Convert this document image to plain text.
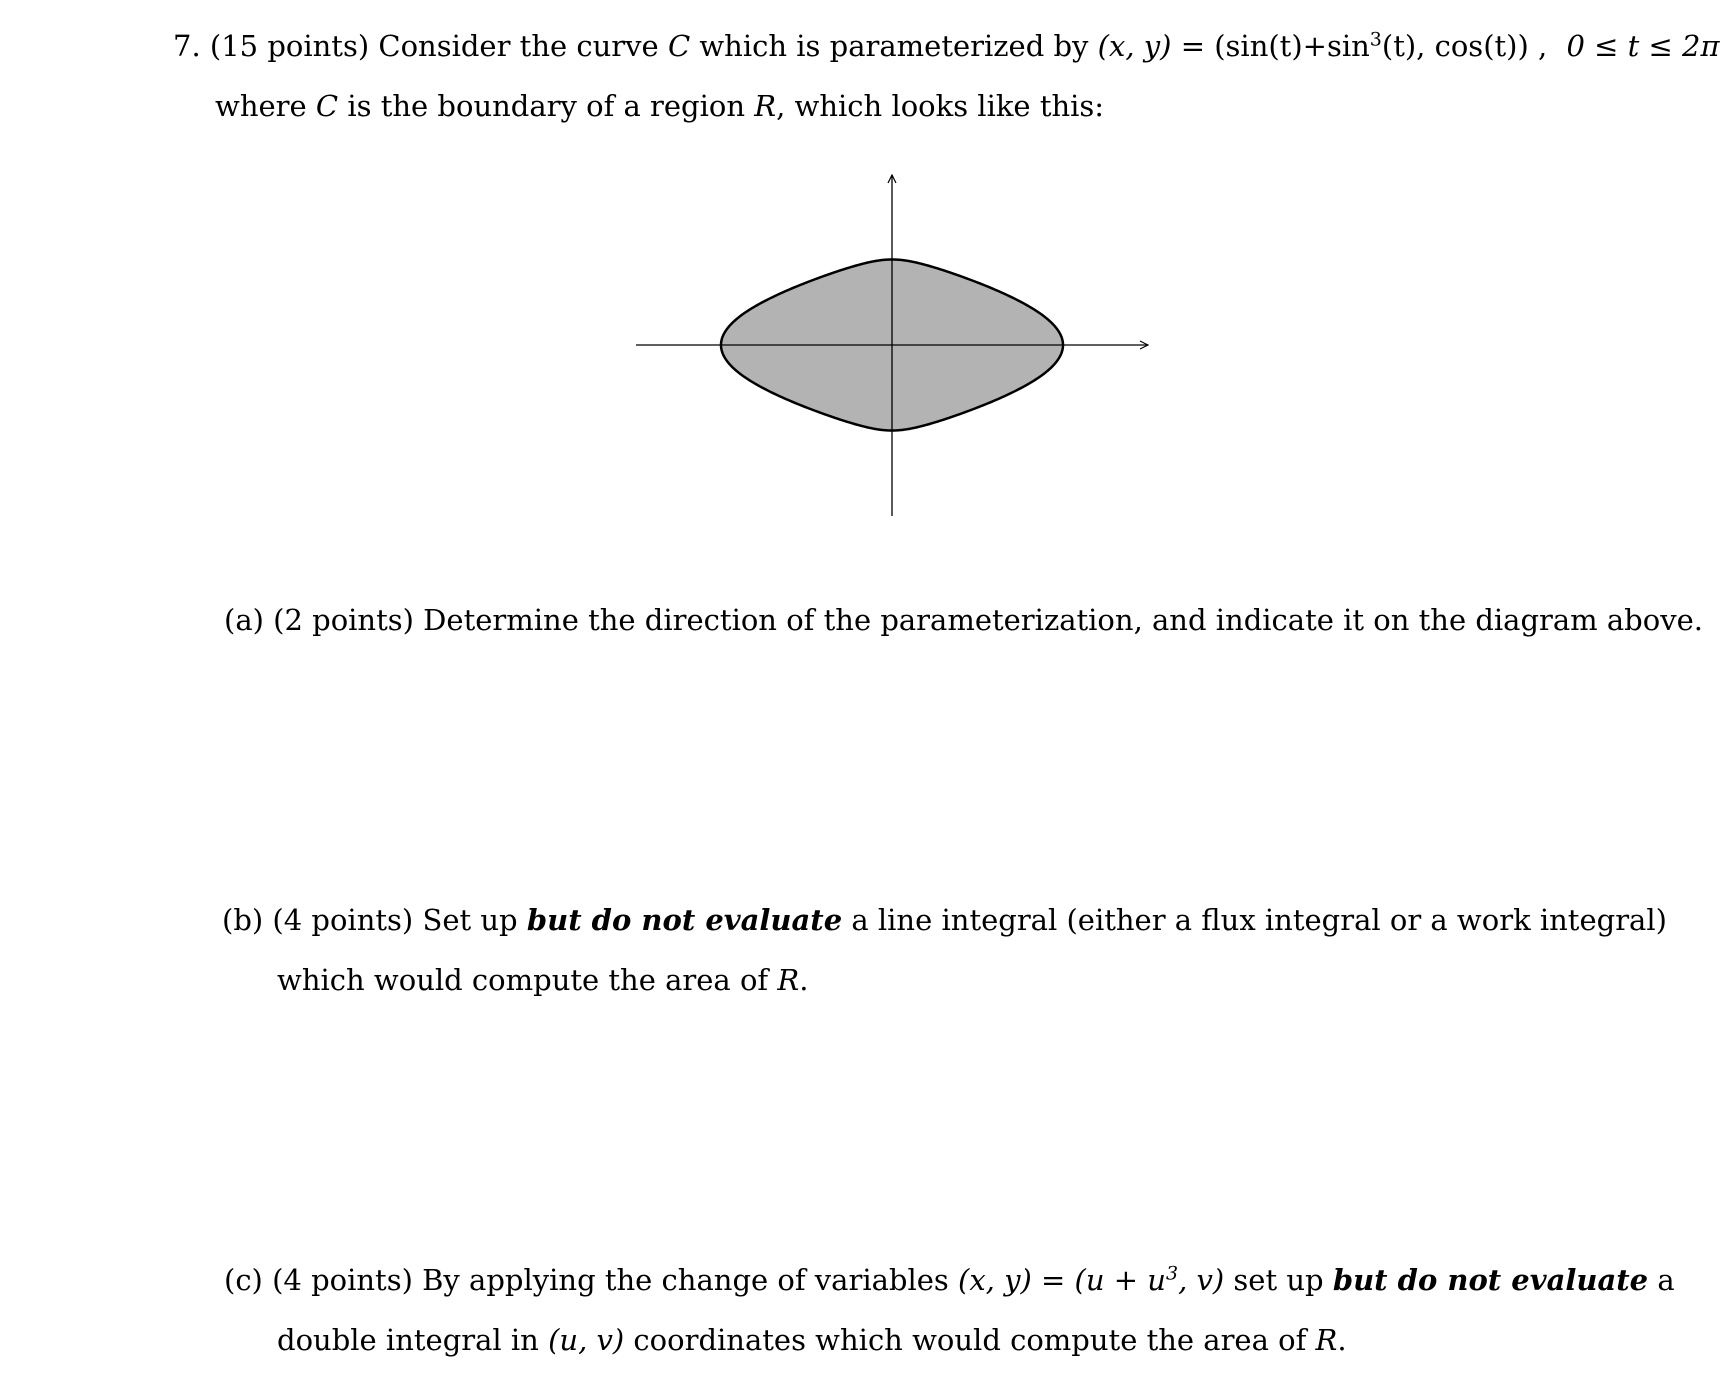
7. (15 points) Consider the curve C which is parameterized by (x, $y) = (\sin(t)+\sin^3(t)$, cos(t)) , 0 ≤ t ≤ 2π
where C is the boundary of a region R, which looks like this:
(a) (2 points) Determine the direction of the parameterization, and indicate it on the diagram above.
(b) (4 points) Set up but do not evaluate a line integral (either a flux integral or a work integral)
which would compute the area of R.
(c) (4 points) By applying the change of variables (x, $y) = (u + u^3$, v) set up but do not evaluate a
double integral in (u, v) coordinates which would compute the area of R.
